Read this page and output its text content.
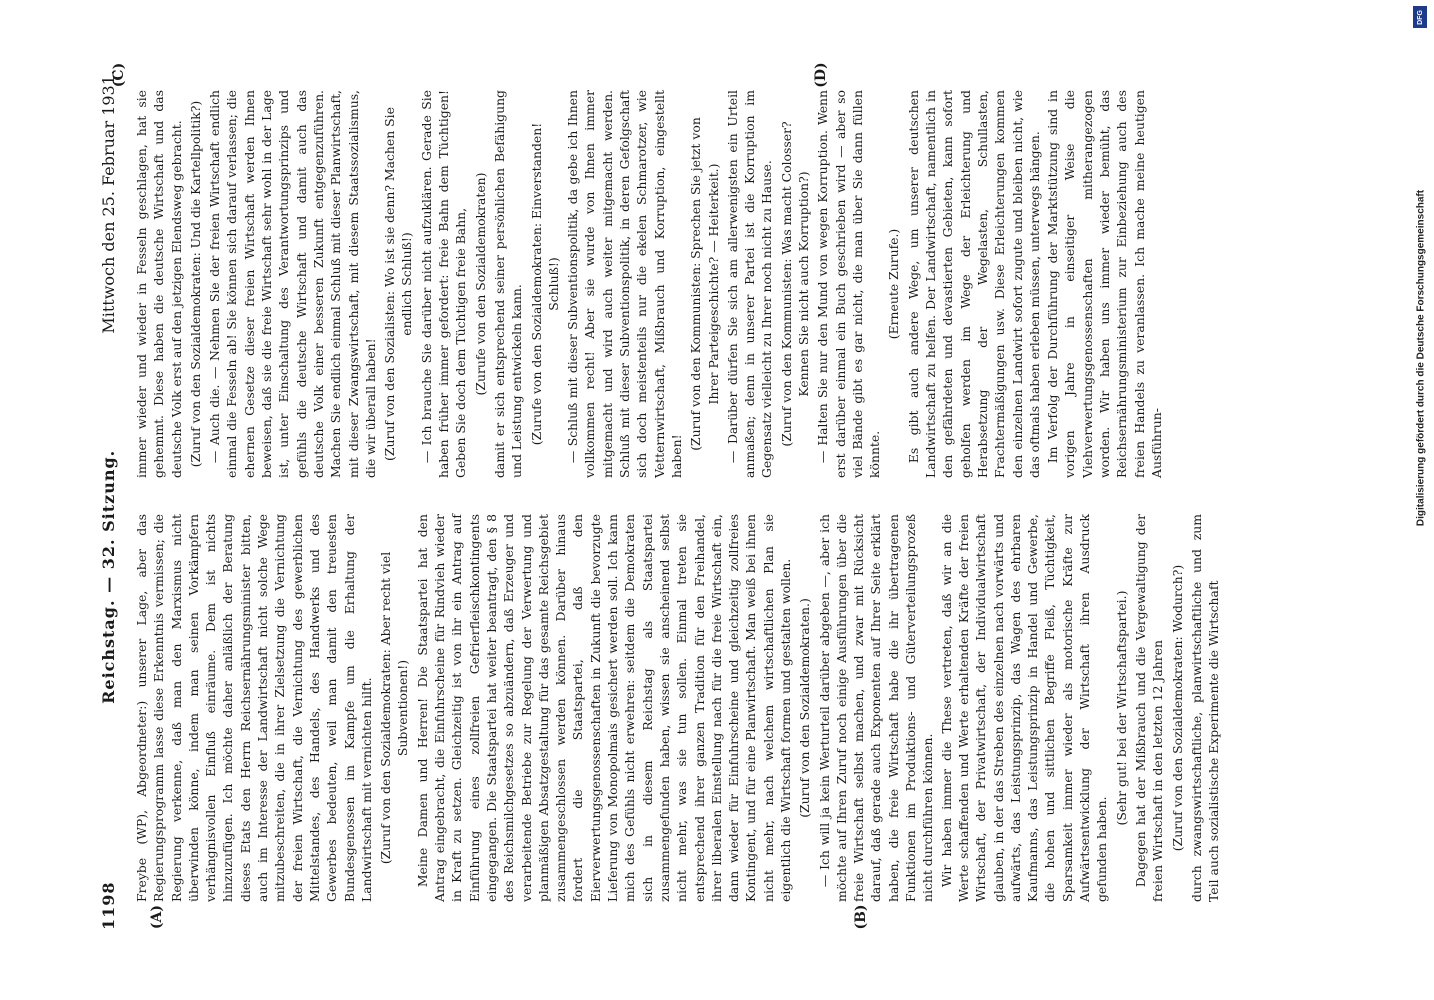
1198
Reichstag. — 32. Sitzung.
Mittwoch den 25. Februar 1931.
(A)	(B)
(C)	(D)

Freybe (WP), Abgeordneter:) unserer Lage, aber das Regierungsprogramm lasse diese Erkenntnis vermissen; die Regierung verkenne, daß man den Marxismus nicht überwinden könne, indem man seinen Vorkämpfern verhängnisvollen Einfluß einräume. Dem ist nichts hinzuzufügen. Ich möchte daher anläßlich der Beratung dieses Etats den Herrn Reichsernährungsminister bitten, auch im Interesse der Landwirtschaft nicht solche Wege mitzubeschreiten, die in ihrer Zielsetzung die Vernichtung der freien Wirtschaft, die Vernichtung des gewerblichen Mittelstandes, des Handels, des Handwerks und des Gewerbes bedeuten, weil man damit den treuesten Bundesgenossen im Kampfe um die Erhaltung der Landwirtschaft mit vernichten hilft. (Zuruf von den Sozialdemokraten: Aber recht viel Subventionen!) Meine Damen und Herren! Die Staatspartei hat den Antrag eingebracht, die Einfuhrscheine für Rindvieh wieder in Kraft zu setzen. Gleichzeitig ist von ihr ein Antrag auf Einführung eines zollfreien Gefrierfleischkontingents eingegangen. Die Staatspartei hat weiter beantragt, den § 8 des Reichsmilchgesetzes so abzuändern, daß Erzeuger und verarbeitende Betriebe zur Regelung der Verwertung und planmäßigen Absatzgestaltung für das gesamte Reichsgebiet zusammengeschlossen werden können. Darüber hinaus fordert die Staatspartei, daß den Eierverwertungsgenossenschaften in Zukunft die bevorzugte Lieferung von Monopolmais gesichert werden soll. Ich kann mich des Gefühls nicht erwehren: seitdem die Demokraten sich in diesem Reichstag als Staatspartei zusammengefunden haben, wissen sie anscheinend selbst nicht mehr, was sie tun sollen. Einmal treten sie entsprechend ihrer ganzen Tradition für den Freihandel, ihrer liberalen Einstellung nach für die freie Wirtschaft ein, dann wieder für Einfuhrscheine und gleichzeitig zollfreies Kontingent, und für eine Planwirtschaft. Man weiß bei ihnen nicht mehr, nach welchem wirtschaftlichen Plan sie eigentlich die Wirtschaft formen und gestalten wollen. (Zuruf von den Sozialdemokraten.) — Ich will ja kein Werturteil darüber abgeben —, aber ich möchte auf Ihren Zuruf noch einige Ausführungen über die freie Wirtschaft selbst machen, und zwar mit Rücksicht darauf, daß gerade auch Exponenten auf Ihrer Seite erklärt haben, die freie Wirtschaft habe die ihr übertragenen Funktionen im Produktions- und Güterverteilungsprozeß nicht durchführen können. Wir haben immer die These vertreten, daß wir an die Werte schaffenden und Werte erhaltenden Kräfte der freien Wirtschaft, der Privatwirtschaft, der Individualwirtschaft glauben, in der das Streben des einzelnen nach vorwärts und aufwärts, das Leistungsprinzip, das Wagen des ehrbaren Kaufmanns, das Leistungsprinzip in Handel und Gewerbe, die hohen und sittlichen Begriffe Fleiß, Tüchtigkeit, Sparsamkeit immer wieder als motorische Kräfte zur Aufwärtsentwicklung der Wirtschaft ihren Ausdruck gefunden haben.

(Sehr gut! bei der Wirtschaftspartei.) Dagegen hat der Mißbrauch und die Vergewaltigung der freien Wirtschaft in den letzten 12 Jahren (Zuruf von den Sozialdemokraten: Wodurch?) durch zwangswirtschaftliche, planwirtschaftliche und zum Teil auch sozialistische Experimente die Wirtschaft

immer wieder und wieder in Fesseln geschlagen, hat sie gehemmt. Diese haben die deutsche Wirtschaft und das deutsche Volk erst auf den jetzigen Elendsweg gebracht. (Zuruf von den Sozialdemokraten: Und die Kartellpolitik?) — Auch die. — Nehmen Sie der freien Wirtschaft endlich einmal die Fesseln ab! Sie können sich darauf verlassen; die ehernen Gesetze dieser freien Wirtschaft werden Ihnen beweisen, daß sie die freie Wirtschaft sehr wohl in der Lage ist, unter Einschaltung des Verantwortungsprinzips und gefühls die deutsche Wirtschaft und damit auch das deutsche Volk einer besseren Zukunft entgegenzuführen. Machen Sie endlich einmal Schluß mit dieser Planwirtschaft, mit dieser Zwangswirtschaft, mit diesem Staatssozialismus, die wir überall haben! (Zuruf von den Sozialisten: Wo ist sie denn? Machen Sie endlich Schluß!) — Ich brauche Sie darüber nicht aufzuklären. Gerade Sie haben früher immer gefordert: freie Bahn dem Tüchtigen! Geben Sie doch dem Tüchtigen freie Bahn, (Zurufe von den Sozialdemokraten) damit er sich entsprechend seiner persönlichen Befähigung und Leistung entwickeln kann. (Zurufe von den Sozialdemokraten: Einverstanden! Schluß!) — Schluß mit dieser Subventionspolitik, da gebe ich Ihnen vollkommen recht! Aber sie wurde von Ihnen immer mitgemacht und wird auch weiter mitgemacht werden. Schluß mit dieser Subventionspolitik, in deren Gefolgschaft sich doch meistenteils nur die ekelen Schmarotzer, wie Vetternwirtschaft, Mißbrauch und Korruption, eingestellt haben!

(Zuruf von den Kommunisten: Sprechen Sie jetzt von Ihrer Parteigeschichte? — Heiterkeit.) — Darüber dürfen Sie sich am allerwenigsten ein Urteil anmaßen; denn in unserer Partei ist die Korruption im Gegensatz vielleicht zu Ihrer noch nicht zu Hause. (Zuruf von den Kommunisten: Was macht Colosser? Kennen Sie nicht auch Korruption?) — Halten Sie nur den Mund von wegen Korruption. Wenn erst darüber einmal ein Buch geschrieben wird — aber so viel Bände gibt es gar nicht, die man über Sie dann füllen könnte.

(Erneute Zurufe.) Es gibt auch andere Wege, um unserer deutschen Landwirtschaft zu helfen. Der Landwirtschaft, namentlich in den gefährdeten und devastierten Gebieten, kann sofort geholfen werden im Wege der Erleichterung und Herabsetzung der Wegelasten, Schullasten, Frachtermäßigungen usw. Diese Erleichterungen kommen den einzelnen Landwirt sofort zugute und bleiben nicht, wie das oftmals haben erleben müssen, unterwegs hängen. Im Verfolg der Durchführung der Marktstützung sind in vorigen Jahre in einseitiger Weise die Viehverwertungsgenossenschaften mitherangezogen worden. Wir haben uns immer wieder bemüht, das Reichsernährungsministerium zur Einbeziehung auch des freien Handels zu veranlassen. Ich mache meine heutigen Ausführun-

DFG
Digitalisierung gefördert durch die Deutsche Forschungsgemeinschaft
